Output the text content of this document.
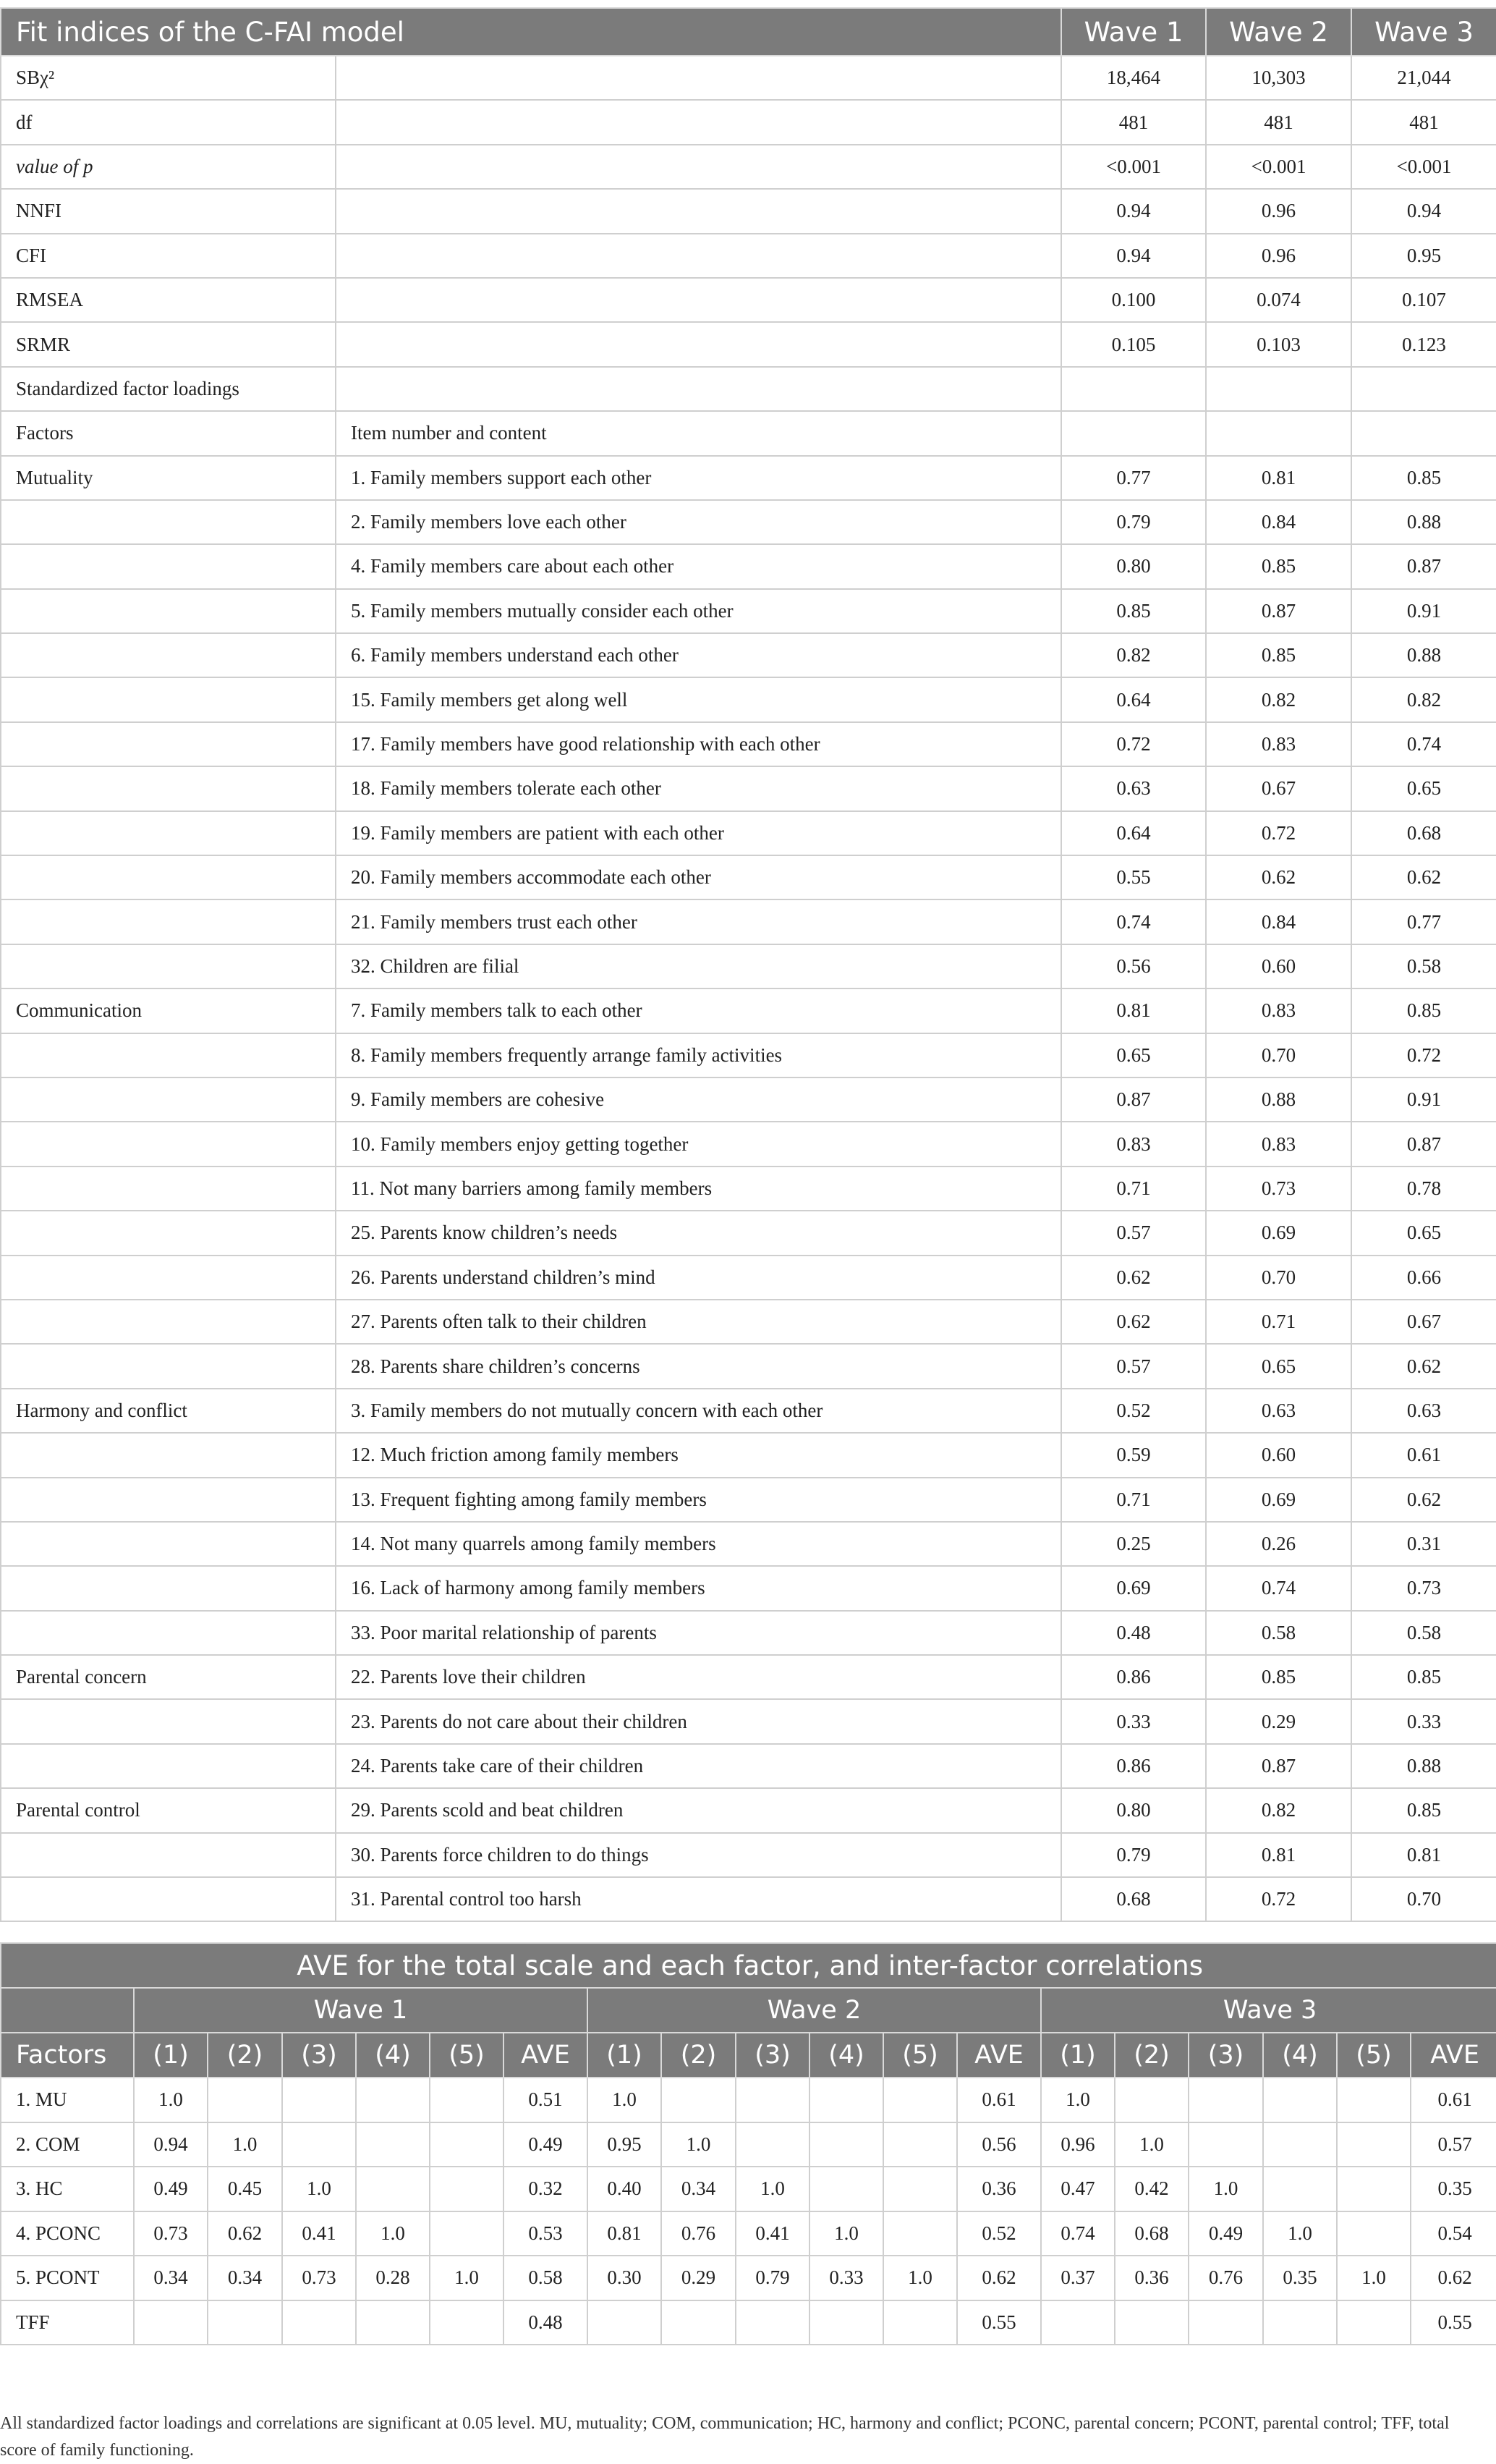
Fit indices of the C-FAI model		Wave 1	Wave 2	Wave 3
SBχ²		18,464	10,303	21,044
df		481	481	481
value of p		<0.001	<0.001	<0.001
NNFI		0.94	0.96	0.94
CFI		0.94	0.96	0.95
RMSEA		0.100	0.074	0.107
SRMR		0.105	0.103	0.123
Standardized factor loadings				
Factors	Item number and content			
Mutuality	1. Family members support each other	0.77	0.81	0.85
	2. Family members love each other	0.79	0.84	0.88
	4. Family members care about each other	0.80	0.85	0.87
	5. Family members mutually consider each other	0.85	0.87	0.91
	6. Family members understand each other	0.82	0.85	0.88
	15. Family members get along well	0.64	0.82	0.82
	17. Family members have good relationship with each other	0.72	0.83	0.74
	18. Family members tolerate each other	0.63	0.67	0.65
	19. Family members are patient with each other	0.64	0.72	0.68
	20. Family members accommodate each other	0.55	0.62	0.62
	21. Family members trust each other	0.74	0.84	0.77
	32. Children are filial	0.56	0.60	0.58
Communication	7. Family members talk to each other	0.81	0.83	0.85
	8. Family members frequently arrange family activities	0.65	0.70	0.72
	9. Family members are cohesive	0.87	0.88	0.91
	10. Family members enjoy getting together	0.83	0.83	0.87
	11. Not many barriers among family members	0.71	0.73	0.78
	25. Parents know children’s needs	0.57	0.69	0.65
	26. Parents understand children’s mind	0.62	0.70	0.66
	27. Parents often talk to their children	0.62	0.71	0.67
	28. Parents share children’s concerns	0.57	0.65	0.62
Harmony and conflict	3. Family members do not mutually concern with each other	0.52	0.63	0.63
	12. Much friction among family members	0.59	0.60	0.61
	13. Frequent fighting among family members	0.71	0.69	0.62
	14. Not many quarrels among family members	0.25	0.26	0.31
	16. Lack of harmony among family members	0.69	0.74	0.73
	33. Poor marital relationship of parents	0.48	0.58	0.58
Parental concern	22. Parents love their children	0.86	0.85	0.85
	23. Parents do not care about their children	0.33	0.29	0.33
	24. Parents take care of their children	0.86	0.87	0.88
Parental control	29. Parents scold and beat children	0.80	0.82	0.85
	30. Parents force children to do things	0.79	0.81	0.81
	31. Parental control too harsh	0.68	0.72	0.70
AVE for the total scale and each factor, and inter-factor correlations																		
	Wave 1						Wave 2						Wave 3					
Factors	(1)	(2)	(3)	(4)	(5)	AVE	(1)	(2)	(3)	(4)	(5)	AVE	(1)	(2)	(3)	(4)	(5)	AVE
1. MU	1.0					0.51	1.0					0.61	1.0					0.61
2. COM	0.94	1.0				0.49	0.95	1.0				0.56	0.96	1.0				0.57
3. HC	0.49	0.45	1.0			0.32	0.40	0.34	1.0			0.36	0.47	0.42	1.0			0.35
4. PCONC	0.73	0.62	0.41	1.0		0.53	0.81	0.76	0.41	1.0		0.52	0.74	0.68	0.49	1.0		0.54
5. PCONT	0.34	0.34	0.73	0.28	1.0	0.58	0.30	0.29	0.79	0.33	1.0	0.62	0.37	0.36	0.76	0.35	1.0	0.62
TFF						0.48						0.55						0.55
All standardized factor loadings and correlations are significant at 0.05 level. MU, mutuality; COM, communication; HC, harmony and conflict; PCONC, parental concern; PCONT, parental control; TFF, total score of family functioning.
